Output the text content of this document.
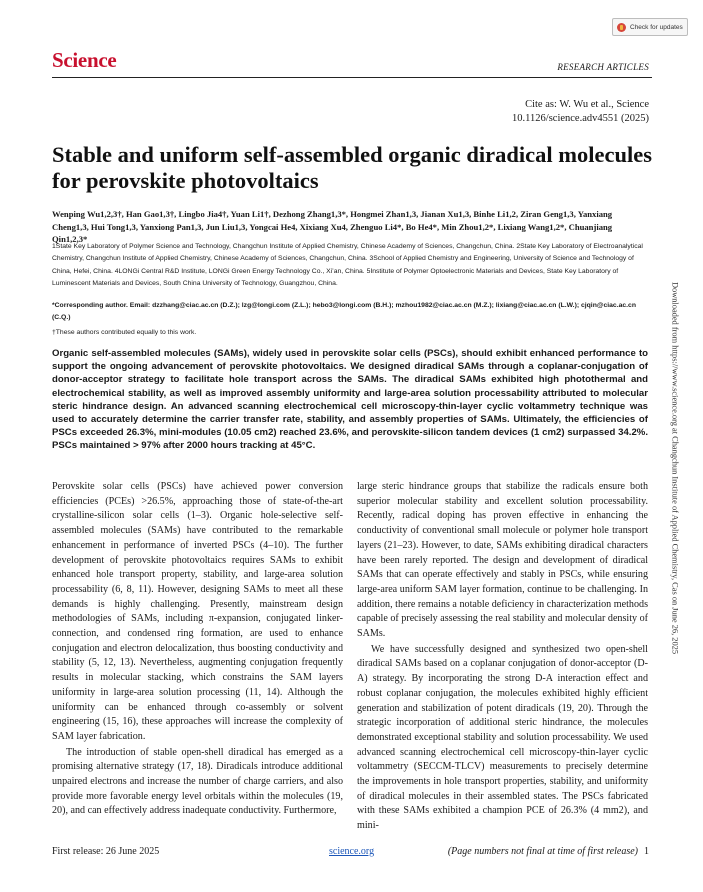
Check for updates
Science	RESEARCH ARTICLES
Cite as: W. Wu et al., Science
10.1126/science.adv4551 (2025)
Stable and uniform self-assembled organic diradical molecules for perovskite photovoltaics
Wenping Wu1,2,3†, Han Gao1,3†, Lingbo Jia4†, Yuan Li1†, Dezhong Zhang1,3*, Hongmei Zhan1,3, Jianan Xu1,3, Binhe Li1,2, Ziran Geng1,3, Yanxiang Cheng1,3, Hui Tong1,3, Yanxiong Pan1,3, Jun Liu1,3, Yongcai He4, Xixiang Xu4, Zhenguo Li4*, Bo He4*, Min Zhou1,2*, Lixiang Wang1,2*, Chuanjiang Qin1,2,3*
1State Key Laboratory of Polymer Science and Technology, Changchun Institute of Applied Chemistry, Chinese Academy of Sciences, Changchun, China. 2State Key Laboratory of Electroanalytical Chemistry, Changchun Institute of Applied Chemistry, Chinese Academy of Sciences, Changchun, China. 3School of Applied Chemistry and Engineering, University of Science and Technology of China, Hefei, China. 4LONGi Central R&D Institute, LONGi Green Energy Technology Co., Xi’an, China. 5Institute of Polymer Optoelectronic Materials and Devices, State Key Laboratory of Luminescent Materials and Devices, South China University of Technology, Guangzhou, China.
*Corresponding author. Email: dzzhang@ciac.ac.cn (D.Z.); lzg@longi.com (Z.L.); hebo3@longi.com (B.H.); mzhou1982@ciac.ac.cn (M.Z.); lixiang@ciac.ac.cn (L.W.); cjqin@ciac.ac.cn (C.Q.)
†These authors contributed equally to this work.

Organic self-assembled molecules (SAMs), widely used in perovskite solar cells (PSCs), should exhibit enhanced performance to support the ongoing advancement of perovskite photovoltaics. We designed diradical SAMs through a coplanar-conjugation of donor-acceptor strategy to facilitate hole transport across the SAMs. The diradical SAMs exhibited high photothermal and electrochemical stability, as well as improved assembly uniformity and large-area solution processability attributed to molecular steric hindrance design. An advanced scanning electrochemical cell microscopy-thin-layer cyclic voltammetry technique was used to accurately determine the carrier transfer rate, stability, and assembly properties of SAMs. Ultimately, the efficiencies of PSCs exceeded 26.3%, mini-modules (10.05 cm2) reached 23.6%, and perovskite-silicon tandem devices (1 cm2) surpassed 34.2%. PSCs maintained > 97% after 2000 hours tracking at 45°C.

Perovskite solar cells (PSCs) have achieved power conversion efficiencies (PCEs) >26.5%, approaching those of state-of-the-art crystalline-silicon solar cells (1–3). Organic hole-selective self-assembled molecules (SAMs) have contributed to the remarkable enhancement in performance of inverted PSCs (4–10). The further development of perovskite photovoltaics requires SAMs to exhibit enhanced hole transport property, stability, and large-area solution processability (6, 8, 11). However, designing SAMs to meet all these demands is highly challenging. Presently, mainstream design methodologies of SAMs, including π-expansion, conjugated linker-connection, and condensed ring formation, are used to enhance conjugation and electron delocalization, thus boosting conductivity and stability (5, 12, 13). Nevertheless, augmenting conjugation frequently results in molecular stacking, which constrains the SAM layers uniformity in large-area solution processing (11, 14). Although the uniformity can be enhanced through co-assembly or solvent engineering (15, 16), these approaches will increase the complexity of SAM layer fabrication.

The introduction of stable open-shell diradical has emerged as a promising alternative strategy (17, 18). Diradicals introduce additional unpaired electrons and increase the number of charge carriers, and also provide more favorable energy level orbitals within the molecules (19, 20), and can effectively address inadequate conductivity. Furthermore,

large steric hindrance groups that stabilize the radicals ensure both superior molecular stability and excellent solution processability. Recently, radical doping has proven effective in enhancing the conductivity of conventional small molecule or polymer hole transport layers (21–23). However, to date, SAMs exhibiting diradical characters have been rarely reported. The design and development of diradical SAMs that can operate effectively and stably in PSCs, while ensuring large-area uniform SAM layer formation, continue to be challenging. In addition, there remains a notable deficiency in characterization methods capable of precisely assessing the real stability and molecular density of SAMs.

We have successfully designed and synthesized two open-shell diradical SAMs based on a coplanar conjugation of donor-acceptor (D-A) strategy. By incorporating the strong D-A interaction effect and robust coplanar conjugation, the molecules exhibited highly efficient generation and stabilization of potent diradicals (19, 20). Through the strategic incorporation of additional steric hindrance, the molecules demonstrated exceptional stability and solution processability. We used advanced scanning electrochemical cell microscopy-thin-layer cyclic voltammetry (SECCM-TLCV) measurements to precisely determine the improvements in hole transport properties, stability, and uniformity of diradical molecules in their assembled states. The PSCs fabricated with these SAMs exhibited a champion PCE of 26.3% (4 mm2), and mini-

Downloaded from https://www.science.org at Changchun Institute of Applied Chemistry, Cas on June 26, 2025
First release: 26 June 2025	science.org	(Page numbers not final at time of first release) 1
